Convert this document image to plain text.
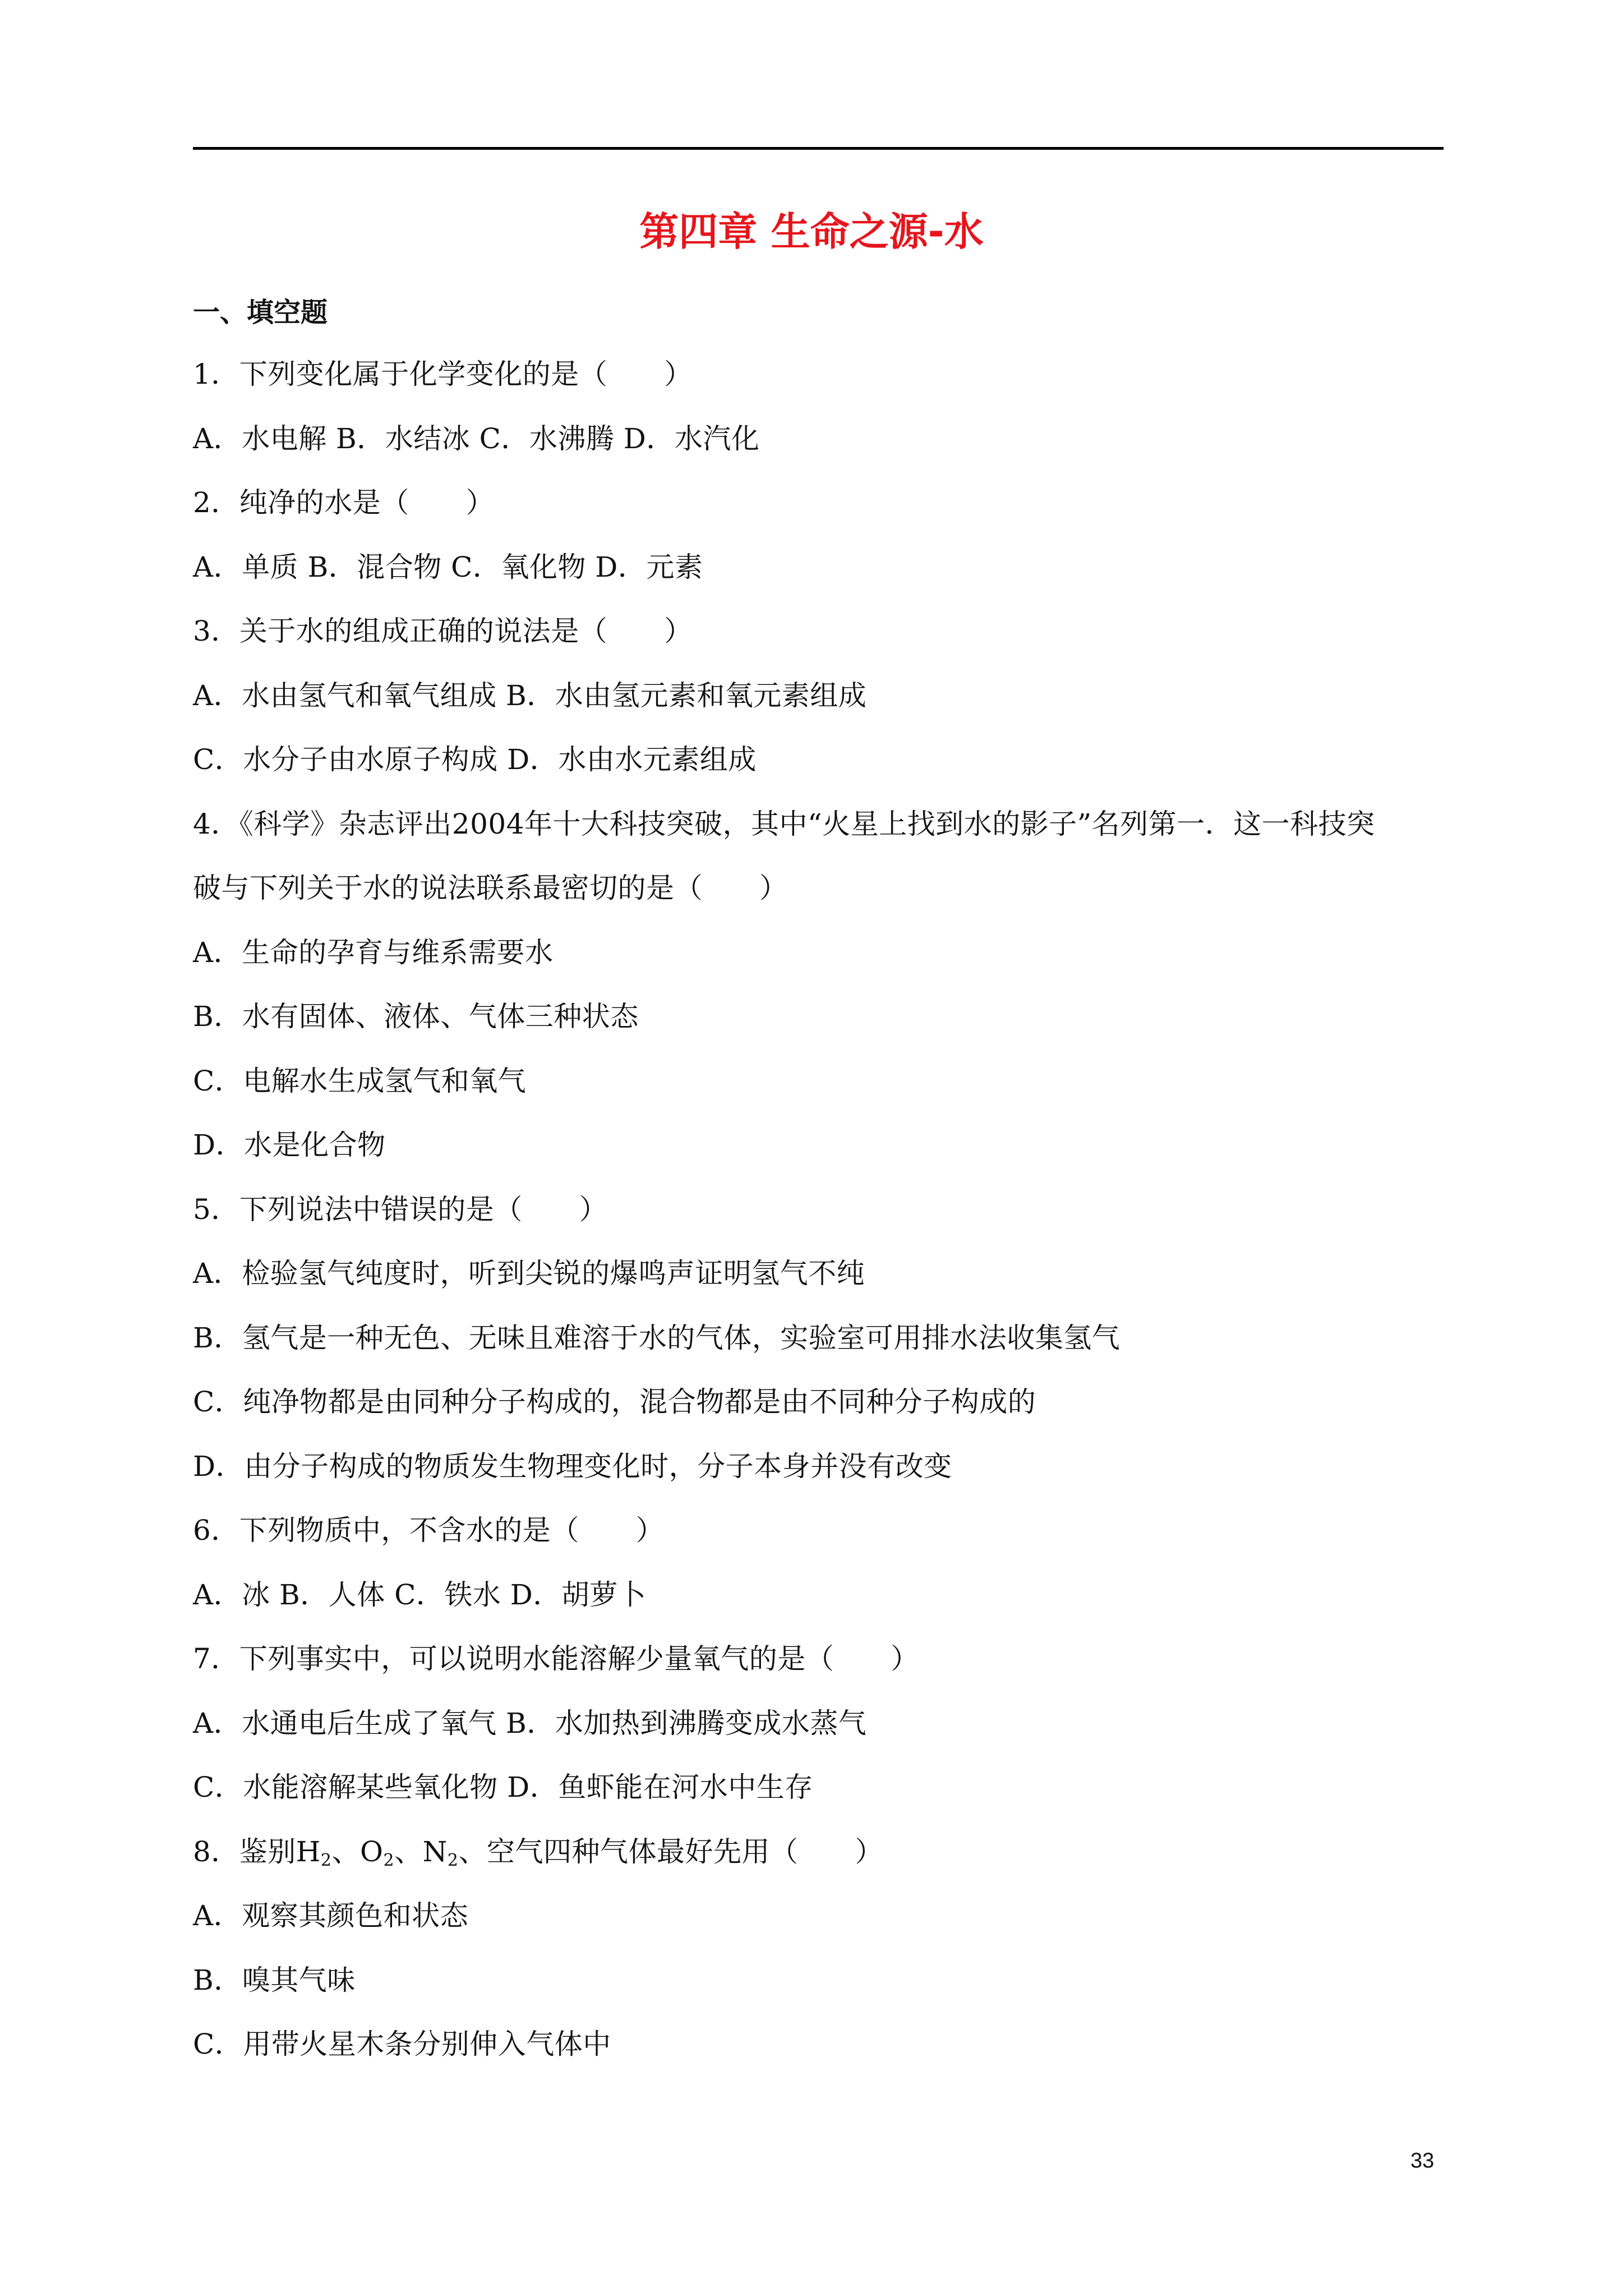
第四章 生命之源-水
一、填空题
1．下列变化属于化学变化的是（　　）
A．水电解 B．水结冰 C．水沸腾 D．水汽化
2．纯净的水是（　　）
A．单质 B．混合物 C．氧化物 D．元素
3．关于水的组成正确的说法是（　　）
A．水由氢气和氧气组成 B．水由氢元素和氧元素组成
C．水分子由水原子构成 D．水由水元素组成
4．《科学》杂志评出2004年十大科技突破，其中“火星上找到水的影子”名列第一．这一科技突
破与下列关于水的说法联系最密切的是（　　）
A．生命的孕育与维系需要水
B．水有固体、液体、气体三种状态
C．电解水生成氢气和氧气
D．水是化合物
5．下列说法中错误的是（　　）
A．检验氢气纯度时，听到尖锐的爆鸣声证明氢气不纯
B．氢气是一种无色、无味且难溶于水的气体，实验室可用排水法收集氢气
C．纯净物都是由同种分子构成的，混合物都是由不同种分子构成的
D．由分子构成的物质发生物理变化时，分子本身并没有改变
6．下列物质中，不含水的是（　　）
A．冰 B．人体 C．铁水 D．胡萝卜
7．下列事实中，可以说明水能溶解少量氧气的是（　　）
A．水通电后生成了氧气 B．水加热到沸腾变成水蒸气
C．水能溶解某些氧化物 D．鱼虾能在河水中生存
8．鉴别$H_2$、$O_2$、$N_2$、空气四种气体最好先用（　　）
A．观察其颜色和状态
B．嗅其气味
C．用带火星木条分别伸入气体中
33
